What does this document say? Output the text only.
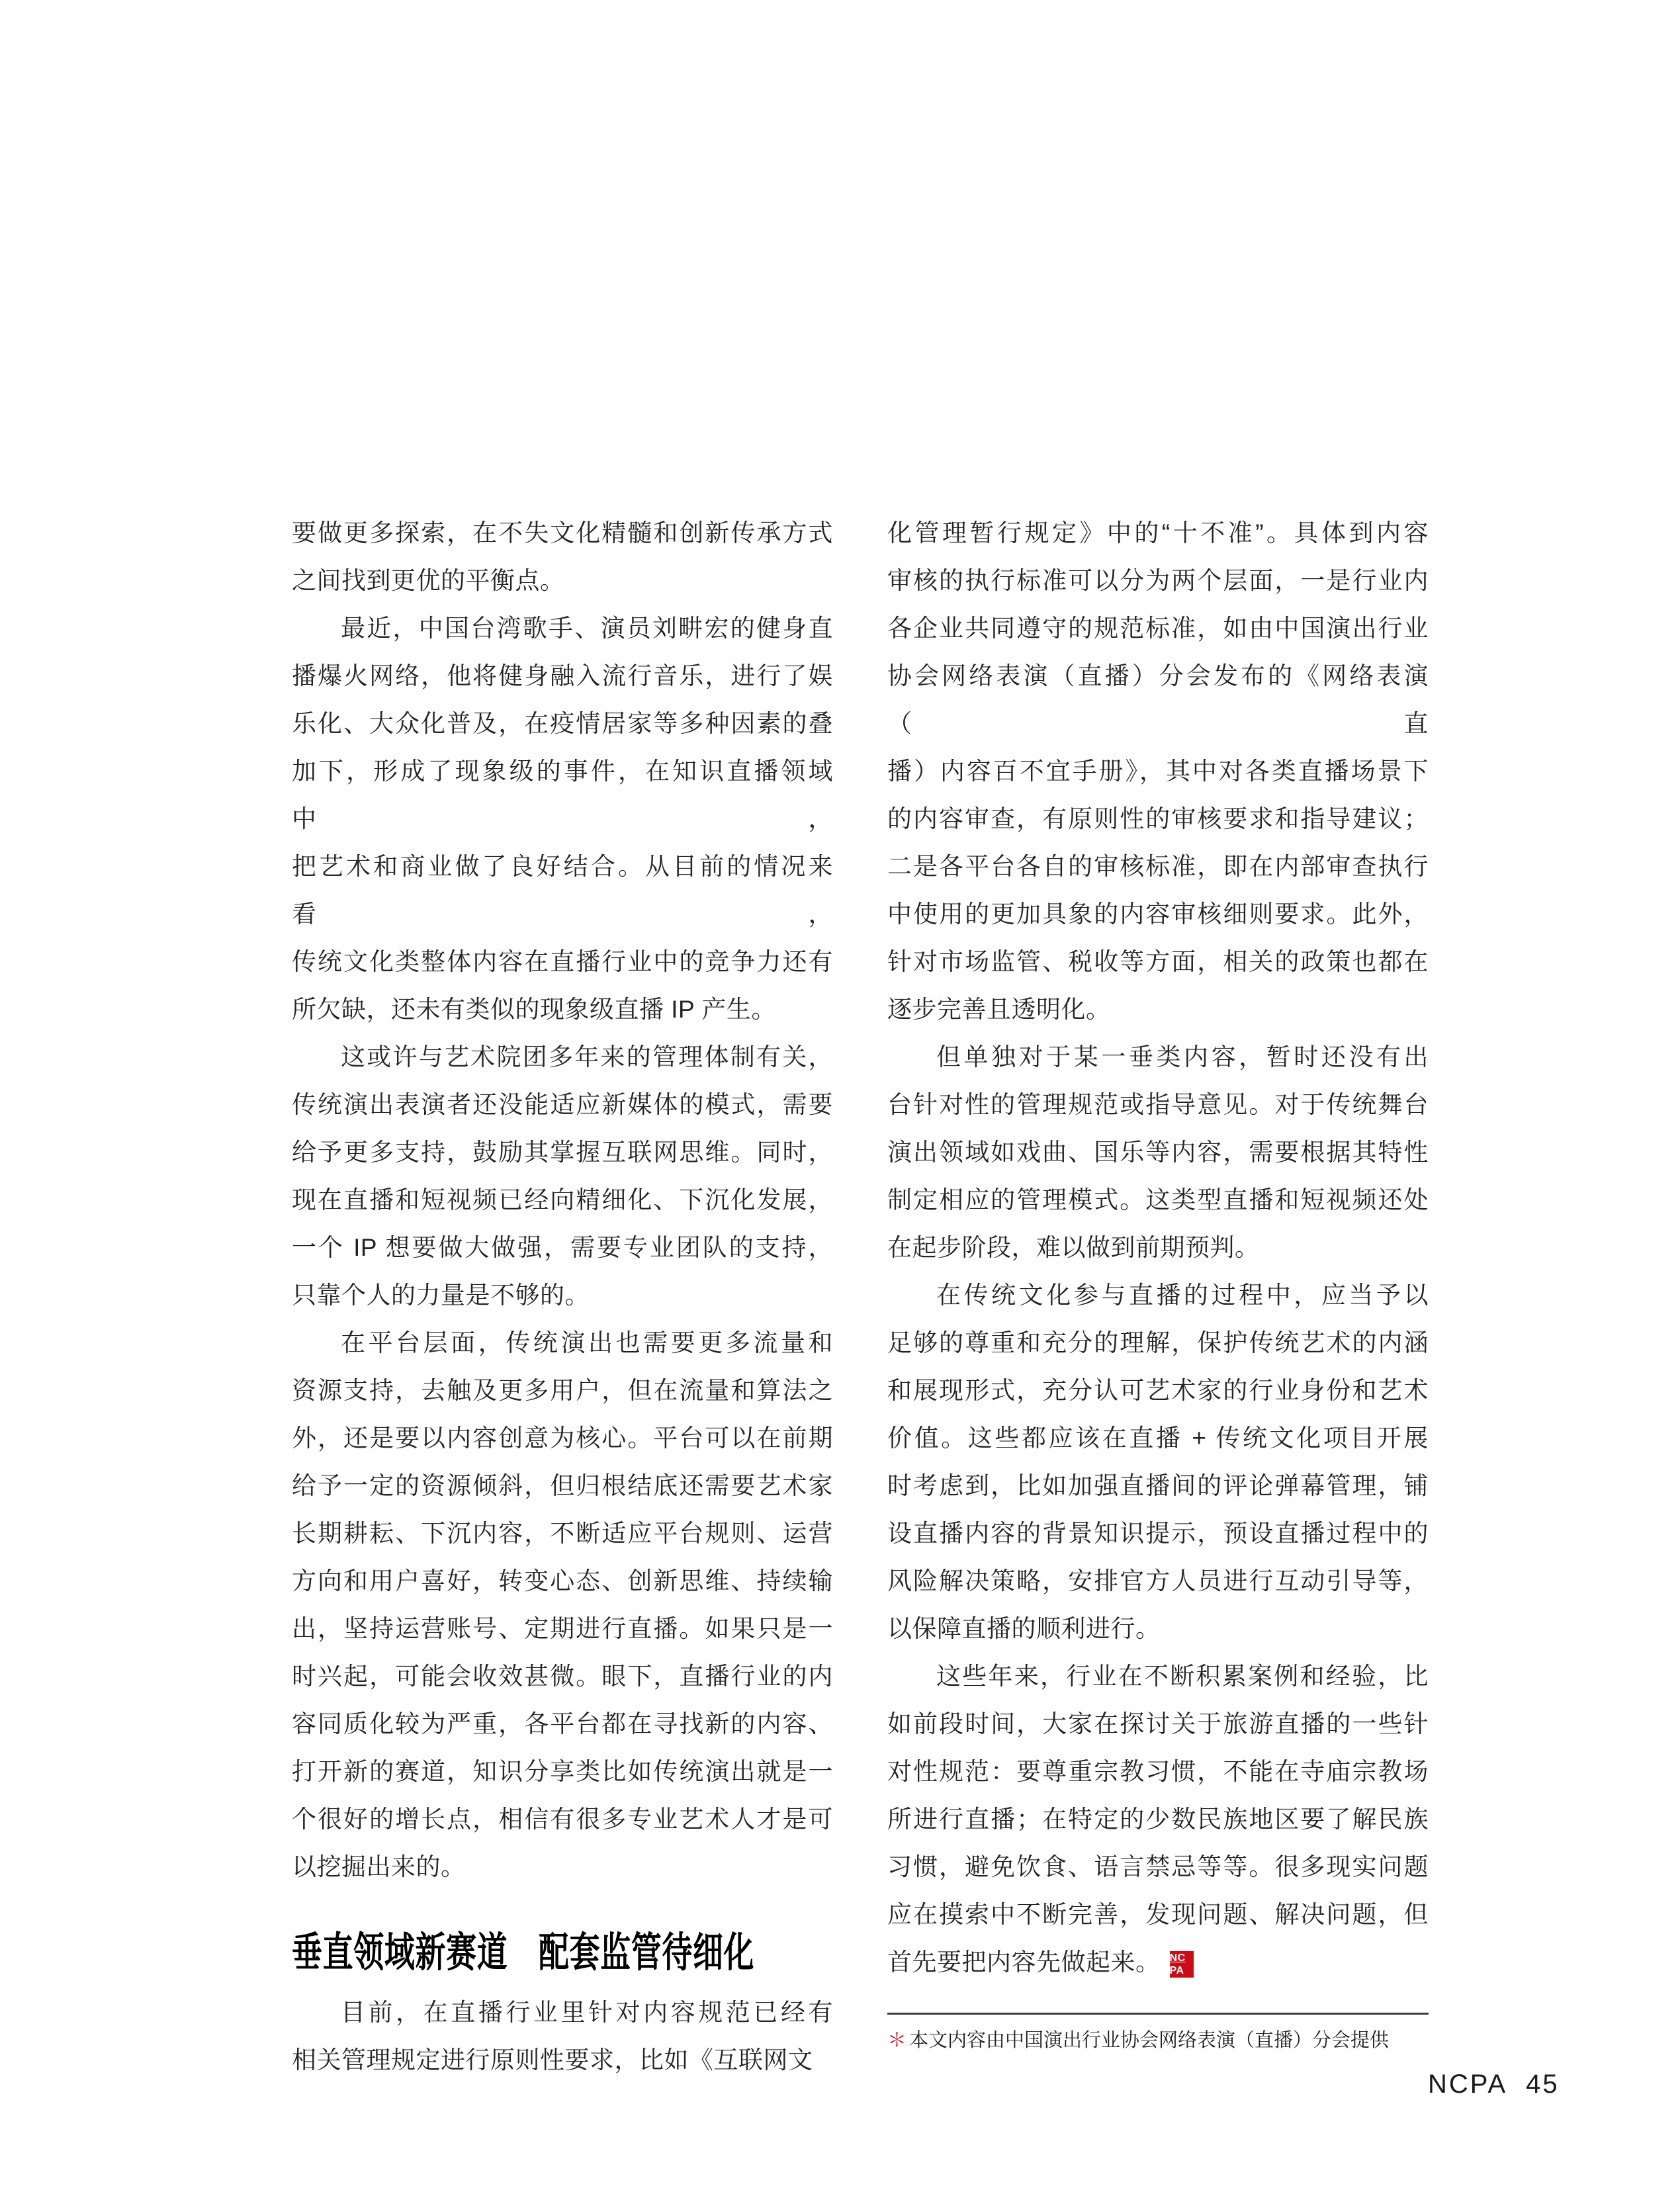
要做更多探索，在不失文化精髓和创新传承方式
之间找到更优的平衡点。
最近，中国台湾歌手、演员刘畊宏的健身直
播爆火网络，他将健身融入流行音乐，进行了娱
乐化、大众化普及，在疫情居家等多种因素的叠
加下，形成了现象级的事件，在知识直播领域中，
把艺术和商业做了良好结合。从目前的情况来看，
传统文化类整体内容在直播行业中的竞争力还有
所欠缺，还未有类似的现象级直播 IP 产生。
这或许与艺术院团多年来的管理体制有关，
传统演出表演者还没能适应新媒体的模式，需要
给予更多支持，鼓励其掌握互联网思维。同时，
现在直播和短视频已经向精细化、下沉化发展，
一个 IP 想要做大做强，需要专业团队的支持，
只靠个人的力量是不够的。
在平台层面，传统演出也需要更多流量和
资源支持，去触及更多用户，但在流量和算法之
外，还是要以内容创意为核心。平台可以在前期
给予一定的资源倾斜，但归根结底还需要艺术家
长期耕耘、下沉内容，不断适应平台规则、运营
方向和用户喜好，转变心态、创新思维、持续输
出，坚持运营账号、定期进行直播。如果只是一
时兴起，可能会收效甚微。眼下，直播行业的内
容同质化较为严重，各平台都在寻找新的内容、
打开新的赛道，知识分享类比如传统演出就是一
个很好的增长点，相信有很多专业艺术人才是可
以挖掘出来的。
垂直领域新赛道　配套监管待细化
目前，在直播行业里针对内容规范已经有
相关管理规定进行原则性要求，比如《互联网文
化管理暂行规定》中的“十不准”。具体到内容
审核的执行标准可以分为两个层面，一是行业内
各企业共同遵守的规范标准，如由中国演出行业
协会网络表演（直播）分会发布的《网络表演（直
播）内容百不宜手册》，其中对各类直播场景下
的内容审查，有原则性的审核要求和指导建议；
二是各平台各自的审核标准，即在内部审查执行
中使用的更加具象的内容审核细则要求。此外，
针对市场监管、税收等方面，相关的政策也都在
逐步完善且透明化。
但单独对于某一垂类内容，暂时还没有出
台针对性的管理规范或指导意见。对于传统舞台
演出领域如戏曲、国乐等内容，需要根据其特性
制定相应的管理模式。这类型直播和短视频还处
在起步阶段，难以做到前期预判。
在传统文化参与直播的过程中，应当予以
足够的尊重和充分的理解，保护传统艺术的内涵
和展现形式，充分认可艺术家的行业身份和艺术
价值。这些都应该在直播 + 传统文化项目开展
时考虑到，比如加强直播间的评论弹幕管理，铺
设直播内容的背景知识提示，预设直播过程中的
风险解决策略，安排官方人员进行互动引导等，
以保障直播的顺利进行。
这些年来，行业在不断积累案例和经验，比
如前段时间，大家在探讨关于旅游直播的一些针
对性规范：要尊重宗教习惯，不能在寺庙宗教场
所进行直播；在特定的少数民族地区要了解民族
习惯，避免饮食、语言禁忌等等。很多现实问题
应在摸索中不断完善，发现问题、解决问题，但
首先要把内容先做起来。 $\frac{NC}{PA}$
＊ 本文内容由中国演出行业协会网络表演（直播）分会提供
NCPA 45
